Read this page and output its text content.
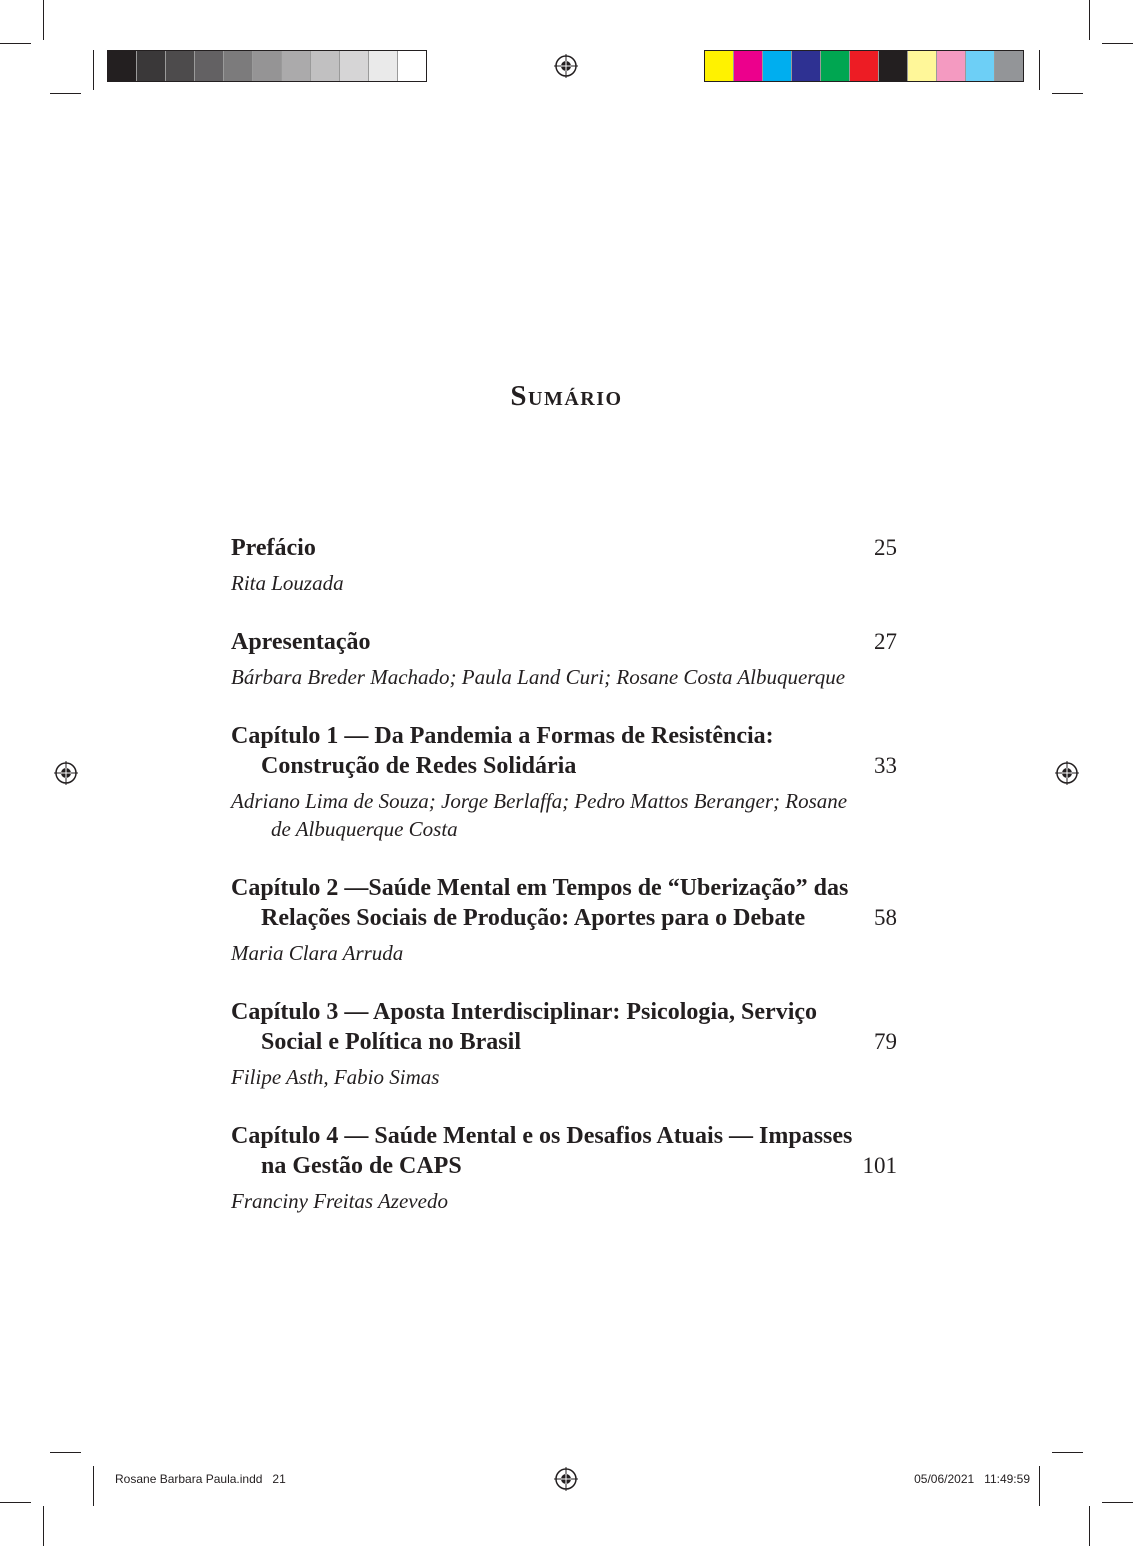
Sumário
Prefácio	25
Rita Louzada
Apresentação	27
Bárbara Breder Machado; Paula Land Curi; Rosane Costa Albuquerque
Capítulo 1 — Da Pandemia a Formas de Resistência: Construção de Redes Solidária	33
Adriano Lima de Souza; Jorge Berlaffa; Pedro Mattos Beranger; Rosane de Albuquerque Costa
Capítulo 2 —Saúde Mental em Tempos de “Uberização” das Relações Sociais de Produção: Aportes para o Debate	58
Maria Clara Arruda
Capítulo 3 — Aposta Interdisciplinar: Psicologia, Serviço Social e Política no Brasil	79
Filipe Asth, Fabio Simas
Capítulo 4 — Saúde Mental e os Desafios Atuais — Impasses na Gestão de CAPS	101
Franciny Freitas Azevedo
Rosane Barbara Paula.indd   21	05/06/2021   11:49:59
